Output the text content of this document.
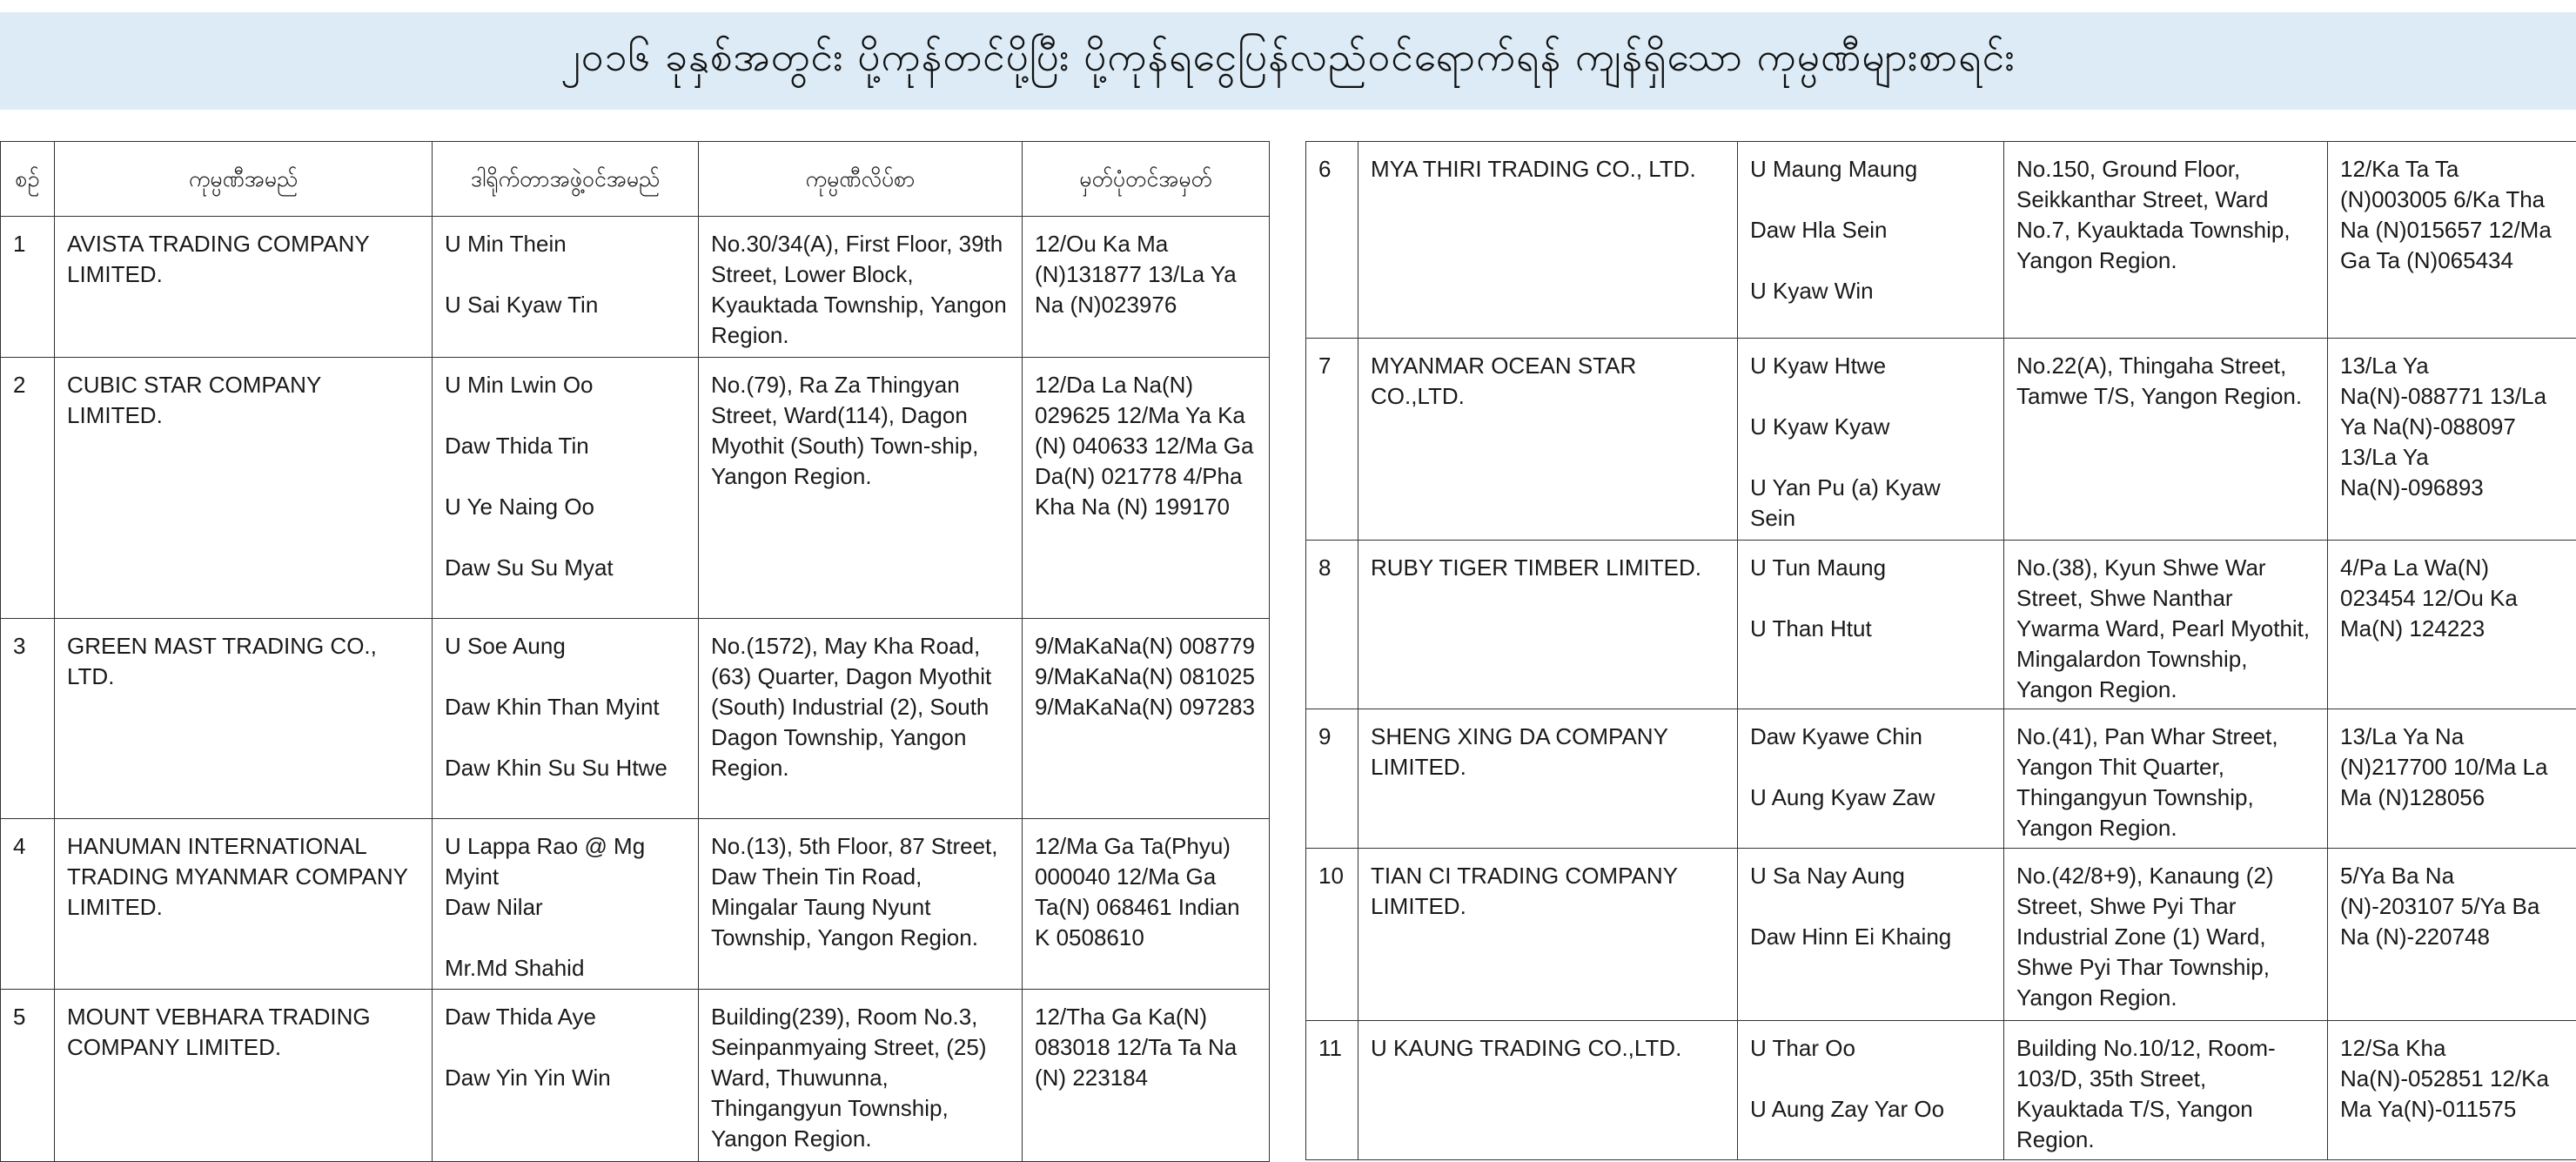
၂၀၁၆ ခုနှစ်အတွင်း ပို့ကုန်တင်ပို့ပြီး ပို့ကုန်ရငွေပြန်လည်ဝင်ရောက်ရန် ကျန်ရှိသော ကုမ္ပဏီများစာရင်း
စဉ်	ကုမ္ပဏီအမည်	ဒါရိုက်တာအဖွဲ့ဝင်အမည်	ကုမ္ပဏီလိပ်စာ	မှတ်ပုံတင်အမှတ်
1	AVISTA TRADING COMPANY LIMITED.	U Min Thein
U Sai Kyaw Tin	No.30/34(A), First Floor, 39th Street, Lower Block, Kyauktada Township, Yangon Region.	12/Ou Ka Ma (N)131877 13/La Ya Na (N)023976
2	CUBIC STAR COMPANY LIMITED.	U Min Lwin Oo
Daw Thida Tin
U Ye Naing Oo
Daw Su Su Myat	No.(79), Ra Za Thingyan Street, Ward(114), Dagon Myothit (South) Town-ship, Yangon Region.	12/Da La Na(N) 029625 12/Ma Ya Ka (N) 040633 12/Ma Ga Da(N) 021778 4/Pha Kha Na (N) 199170
3	GREEN MAST TRADING CO., LTD.	U Soe Aung
Daw Khin Than Myint
Daw Khin Su Su Htwe	No.(1572), May Kha Road, (63) Quarter, Dagon Myothit (South) Industrial (2), South Dagon Township, Yangon Region.	9/MaKaNa(N) 008779 9/MaKaNa(N) 081025 9/MaKaNa(N) 097283
4	HANUMAN INTERNATIONAL TRADING MYANMAR COMPANY LIMITED.	U Lappa Rao @ Mg Myint
Daw Nilar
Mr.Md Shahid	No.(13), 5th Floor, 87 Street, Daw Thein Tin Road, Mingalar Taung Nyunt Township, Yangon Region.	12/Ma Ga Ta(Phyu) 000040 12/Ma Ga Ta(N) 068461 Indian K 0508610
5	MOUNT VEBHARA TRADING COMPANY LIMITED.	Daw Thida Aye
Daw Yin Yin Win	Building(239), Room No.3, Seinpanmyaing Street, (25) Ward, Thuwunna, Thingangyun Township, Yangon Region.	12/Tha Ga Ka(N) 083018 12/Ta Ta Na (N) 223184
6	MYA THIRI TRADING CO., LTD.	U Maung Maung
Daw Hla Sein
U Kyaw Win	No.150, Ground Floor, Seikkanthar Street, Ward No.7, Kyauktada Township, Yangon Region.	12/Ka Ta Ta (N)003005 6/Ka Tha Na (N)015657 12/Ma Ga Ta (N)065434
7	MYANMAR OCEAN STAR CO.,LTD.	U Kyaw Htwe
U Kyaw Kyaw
U Yan Pu (a) Kyaw Sein	No.22(A), Thingaha Street, Tamwe T/S, Yangon Region.	13/La Ya Na(N)-088771 13/La Ya Na(N)-088097 13/La Ya Na(N)-096893
8	RUBY TIGER TIMBER LIMITED.	U Tun Maung
U Than Htut	No.(38), Kyun Shwe War Street, Shwe Nanthar Ywarma Ward, Pearl Myothit, Mingalardon Township, Yangon Region.	4/Pa La Wa(N) 023454 12/Ou Ka Ma(N) 124223
9	SHENG XING DA COMPANY LIMITED.	Daw Kyawe Chin
U Aung Kyaw Zaw	No.(41), Pan Whar Street, Yangon Thit Quarter, Thingangyun Township, Yangon Region.	13/La Ya Na (N)217700 10/Ma La Ma (N)128056
10	TIAN CI TRADING COMPANY LIMITED.	U Sa Nay Aung
Daw Hinn Ei Khaing	No.(42/8+9), Kanaung (2) Street, Shwe Pyi Thar Industrial Zone (1) Ward, Shwe Pyi Thar Township, Yangon Region.	5/Ya Ba Na (N)-203107 5/Ya Ba Na (N)-220748
11	U KAUNG TRADING CO.,LTD.	U Thar Oo
U Aung Zay Yar Oo	Building No.10/12, Room-103/D, 35th Street, Kyauktada T/S, Yangon Region.	12/Sa Kha Na(N)-052851 12/Ka Ma Ya(N)-011575
